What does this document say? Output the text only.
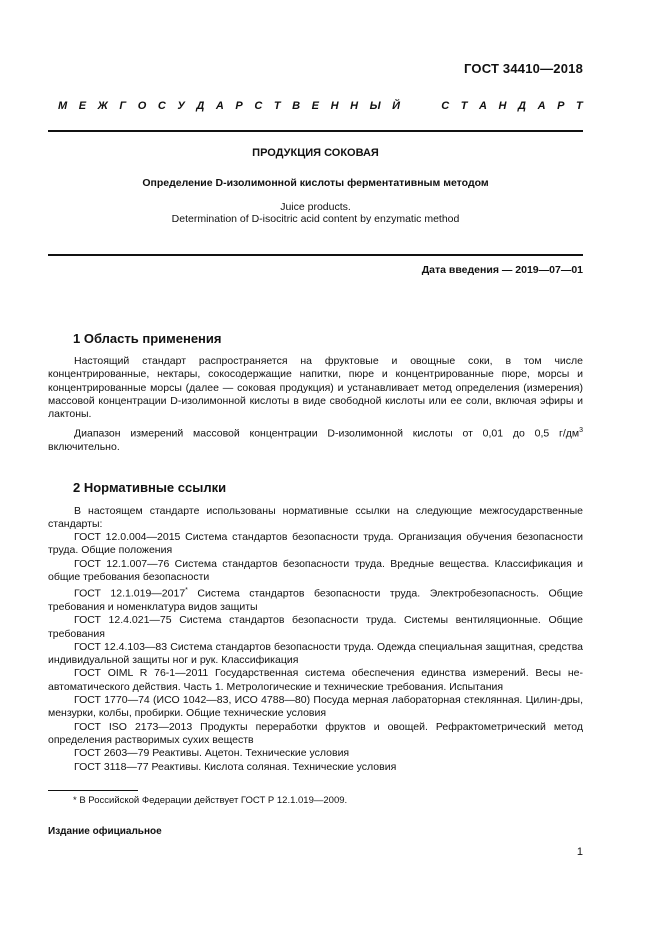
ГОСТ 34410—2018
М Е Ж Г О С У Д А Р С Т В Е Н Н Ы Й
	С Т А Н Д А Р Т
ПРОДУКЦИЯ СОКОВАЯ
Определение D-изолимонной кислоты ферментативным методом
Juice products.
Determination of D-isocitric acid content by enzymatic method
Дата введения — 2019—07—01
1 Область применения

Настоящий стандарт распространяется на фруктовые и овощные соки, в том числе концентрированные, нектары, сокосодержащие напитки, пюре и концентрированные пюре, морсы и концентрированные морсы (далее — соковая продукция) и устанавливает метод определения (измерения) массовой концентрации D-изолимонной кислоты в виде свободной кислоты или ее соли, включая эфиры и лактоны.

Диапазон измерений массовой концентрации D-изолимонной кислоты от 0,01 до 0,5 $г/дм^3$ включительно.

2 Нормативные ссылки

В настоящем стандарте использованы нормативные ссылки на следующие межгосударственные стандарты:

ГОСТ 12.0.004—2015 Система стандартов безопасности труда. Организация обучения безопасности труда. Общие положения

ГОСТ 12.1.007—76 Система стандартов безопасности труда. Вредные вещества. Классификация и общие требования безопасности

ГОСТ 12.1.019—2017* Система стандартов безопасности труда. Электробезопасность. Общие требования и номенклатура видов защиты

ГОСТ 12.4.021—75 Система стандартов безопасности труда. Системы вентиляционные. Общие требования

ГОСТ 12.4.103—83 Система стандартов безопасности труда. Одежда специальная защитная, средства индивидуальной защиты ног и рук. Классификация

ГОСТ OIML R 76-1—2011 Государственная система обеспечения единства измерений. Весы не-автоматического действия. Часть 1. Метрологические и технические требования. Испытания

ГОСТ 1770—74 (ИСО 1042—83, ИСО 4788—80) Посуда мерная лабораторная стеклянная. Цилин-дры, мензурки, колбы, пробирки. Общие технические условия

ГОСТ ISO 2173—2013 Продукты переработки фруктов и овощей. Рефрактометрический метод определения растворимых сухих веществ

ГОСТ 2603—79 Реактивы. Ацетон. Технические условия

ГОСТ 3118—77 Реактивы. Кислота соляная. Технические условия

* В Российской Федерации действует ГОСТ Р 12.1.019—2009.
Издание официальное
1
